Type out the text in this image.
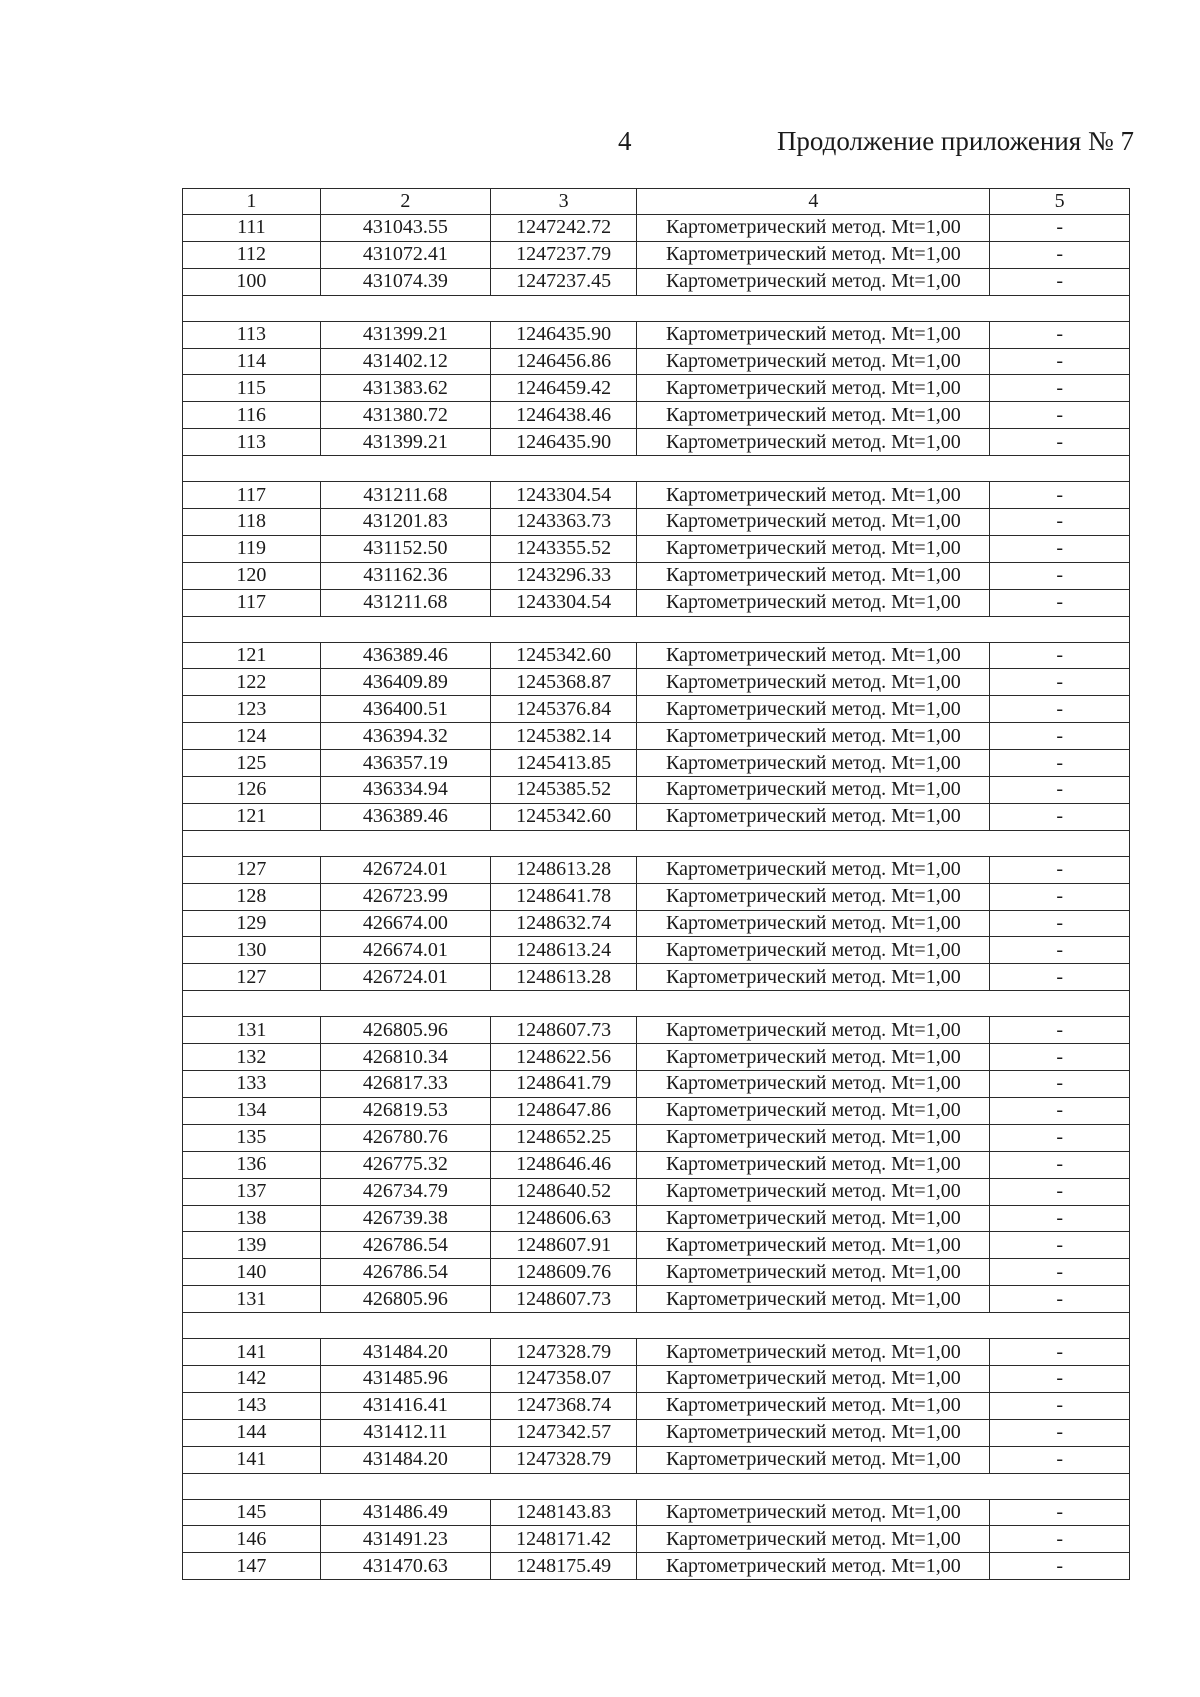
4	Продолжение приложения № 7
1	2	3	4	5
111	431043.55	1247242.72	Картометрический метод. Mt=1,00	-
112	431072.41	1247237.79	Картометрический метод. Mt=1,00	-
100	431074.39	1247237.45	Картометрический метод. Mt=1,00	-

113	431399.21	1246435.90	Картометрический метод. Mt=1,00	-
114	431402.12	1246456.86	Картометрический метод. Mt=1,00	-
115	431383.62	1246459.42	Картометрический метод. Mt=1,00	-
116	431380.72	1246438.46	Картометрический метод. Mt=1,00	-
113	431399.21	1246435.90	Картометрический метод. Mt=1,00	-

117	431211.68	1243304.54	Картометрический метод. Mt=1,00	-
118	431201.83	1243363.73	Картометрический метод. Mt=1,00	-
119	431152.50	1243355.52	Картометрический метод. Mt=1,00	-
120	431162.36	1243296.33	Картометрический метод. Mt=1,00	-
117	431211.68	1243304.54	Картометрический метод. Mt=1,00	-

121	436389.46	1245342.60	Картометрический метод. Mt=1,00	-
122	436409.89	1245368.87	Картометрический метод. Mt=1,00	-
123	436400.51	1245376.84	Картометрический метод. Mt=1,00	-
124	436394.32	1245382.14	Картометрический метод. Mt=1,00	-
125	436357.19	1245413.85	Картометрический метод. Mt=1,00	-
126	436334.94	1245385.52	Картометрический метод. Mt=1,00	-
121	436389.46	1245342.60	Картометрический метод. Mt=1,00	-

127	426724.01	1248613.28	Картометрический метод. Mt=1,00	-
128	426723.99	1248641.78	Картометрический метод. Mt=1,00	-
129	426674.00	1248632.74	Картометрический метод. Mt=1,00	-
130	426674.01	1248613.24	Картометрический метод. Mt=1,00	-
127	426724.01	1248613.28	Картометрический метод. Mt=1,00	-

131	426805.96	1248607.73	Картометрический метод. Mt=1,00	-
132	426810.34	1248622.56	Картометрический метод. Mt=1,00	-
133	426817.33	1248641.79	Картометрический метод. Mt=1,00	-
134	426819.53	1248647.86	Картометрический метод. Mt=1,00	-
135	426780.76	1248652.25	Картометрический метод. Mt=1,00	-
136	426775.32	1248646.46	Картометрический метод. Mt=1,00	-
137	426734.79	1248640.52	Картометрический метод. Mt=1,00	-
138	426739.38	1248606.63	Картометрический метод. Mt=1,00	-
139	426786.54	1248607.91	Картометрический метод. Mt=1,00	-
140	426786.54	1248609.76	Картометрический метод. Mt=1,00	-
131	426805.96	1248607.73	Картометрический метод. Mt=1,00	-

141	431484.20	1247328.79	Картометрический метод. Mt=1,00	-
142	431485.96	1247358.07	Картометрический метод. Mt=1,00	-
143	431416.41	1247368.74	Картометрический метод. Mt=1,00	-
144	431412.11	1247342.57	Картометрический метод. Mt=1,00	-
141	431484.20	1247328.79	Картометрический метод. Mt=1,00	-

145	431486.49	1248143.83	Картометрический метод. Mt=1,00	-
146	431491.23	1248171.42	Картометрический метод. Mt=1,00	-
147	431470.63	1248175.49	Картометрический метод. Mt=1,00	-
